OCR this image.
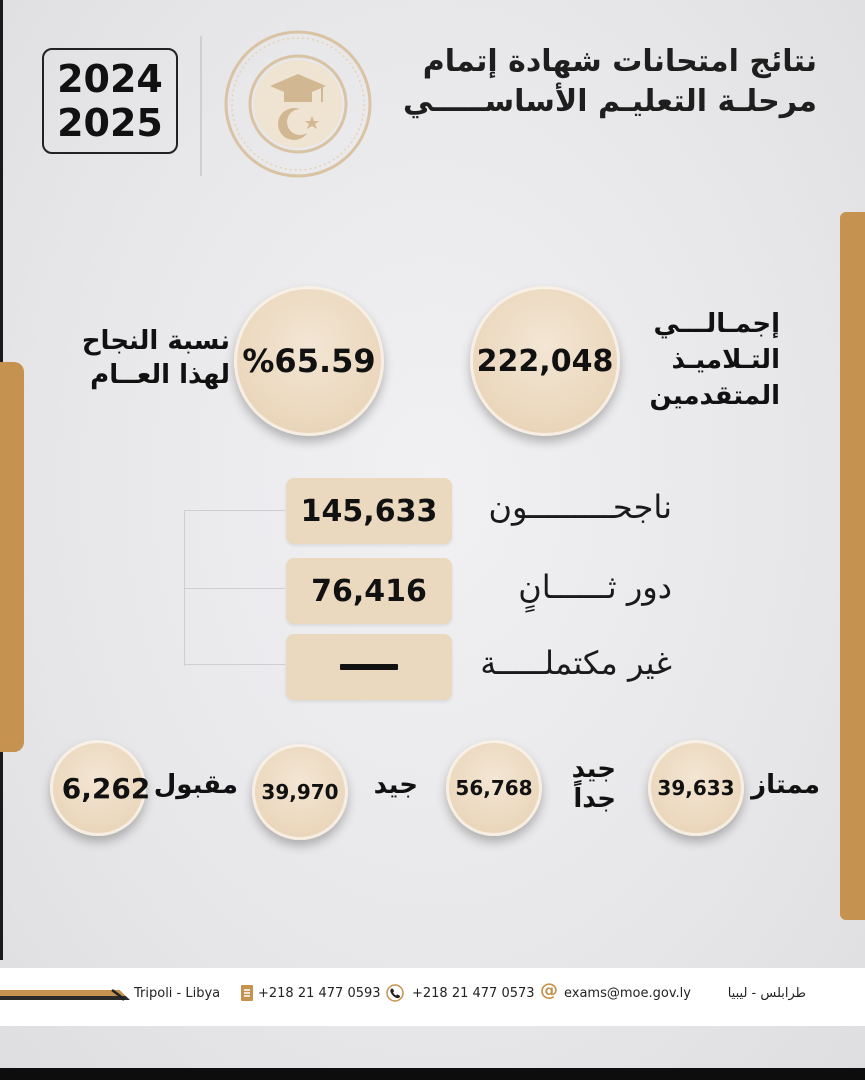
2024
2025
نتائج امتحانات شهادة إتمام
مرحلـة التعليـم الأساســـــي
222,048
إجمـالـــي
التـلاميـذ
المتقدمين
%65.59
نسبة النجاح
لهذا العــام
145,633	ناجحـــــــــون
76,416	دور ثــــــانٍ
غير مكتملـــــة
39,633 ممتاز
56,768
جيد
جداً
39,970	جيد
6,262 مقبول
Tripoli - Libya	+218 21 477 0593 +218 21 477 0573 @ exams@moe.gov.ly	طرابلس - ليبيا
